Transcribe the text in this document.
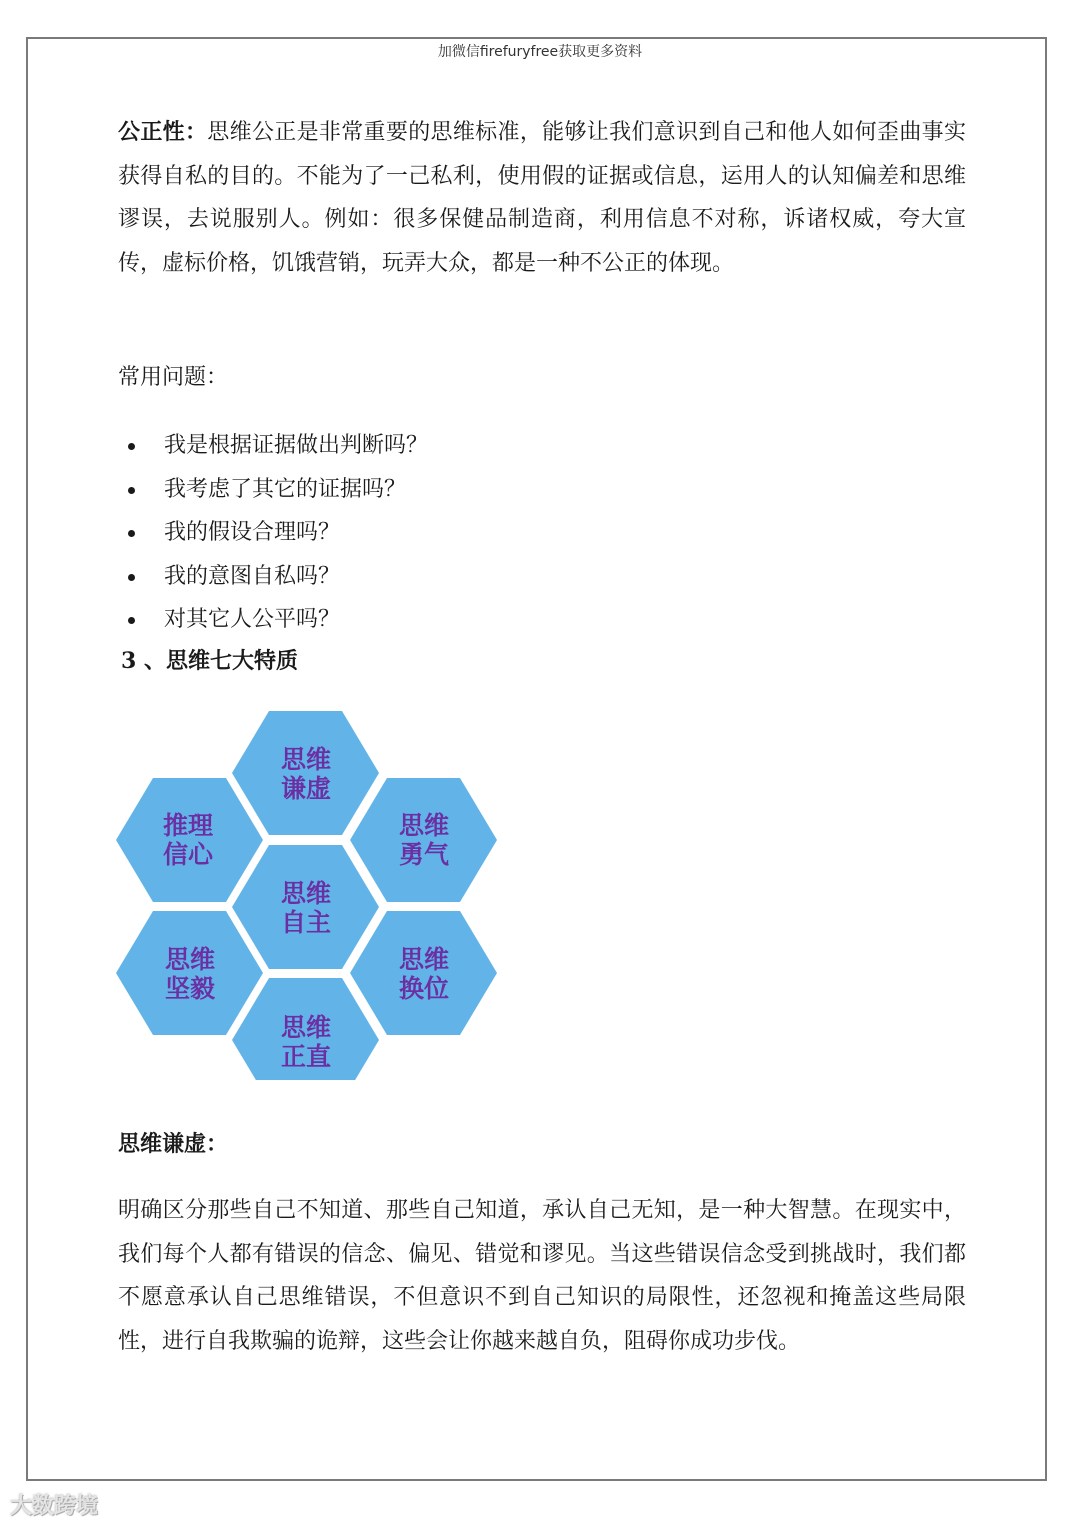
加微信firefuryfree获取更多资料

公正性：思维公正是非常重要的思维标准，能够让我们意识到自己和他人如何歪曲事实获得自私的目的。不能为了一己私利，使用假的证据或信息，运用人的认知偏差和思维谬误，去说服别人。例如：很多保健品制造商，利用信息不对称，诉诸权威，夸大宣传，虚标价格，饥饿营销，玩弄大众，都是一种不公正的体现。

常用问题：

我是根据证据做出判断吗？
我考虑了其它的证据吗？
我的假设合理吗？
我的意图自私吗？
对其它人公平吗？

3 、思维七大特质

思维
谦虚
推理
信心
思维
勇气
思维
自主
思维
坚毅
思维
换位
思维
正直

思维谦虚：

明确区分那些自己不知道、那些自己知道，承认自己无知，是一种大智慧。在现实中，我们每个人都有错误的信念、偏见、错觉和谬见。当这些错误信念受到挑战时，我们都不愿意承认自己思维错误，不但意识不到自己知识的局限性，还忽视和掩盖这些局限性，进行自我欺骗的诡辩，这些会让你越来越自负，阻碍你成功步伐。

大数跨境
